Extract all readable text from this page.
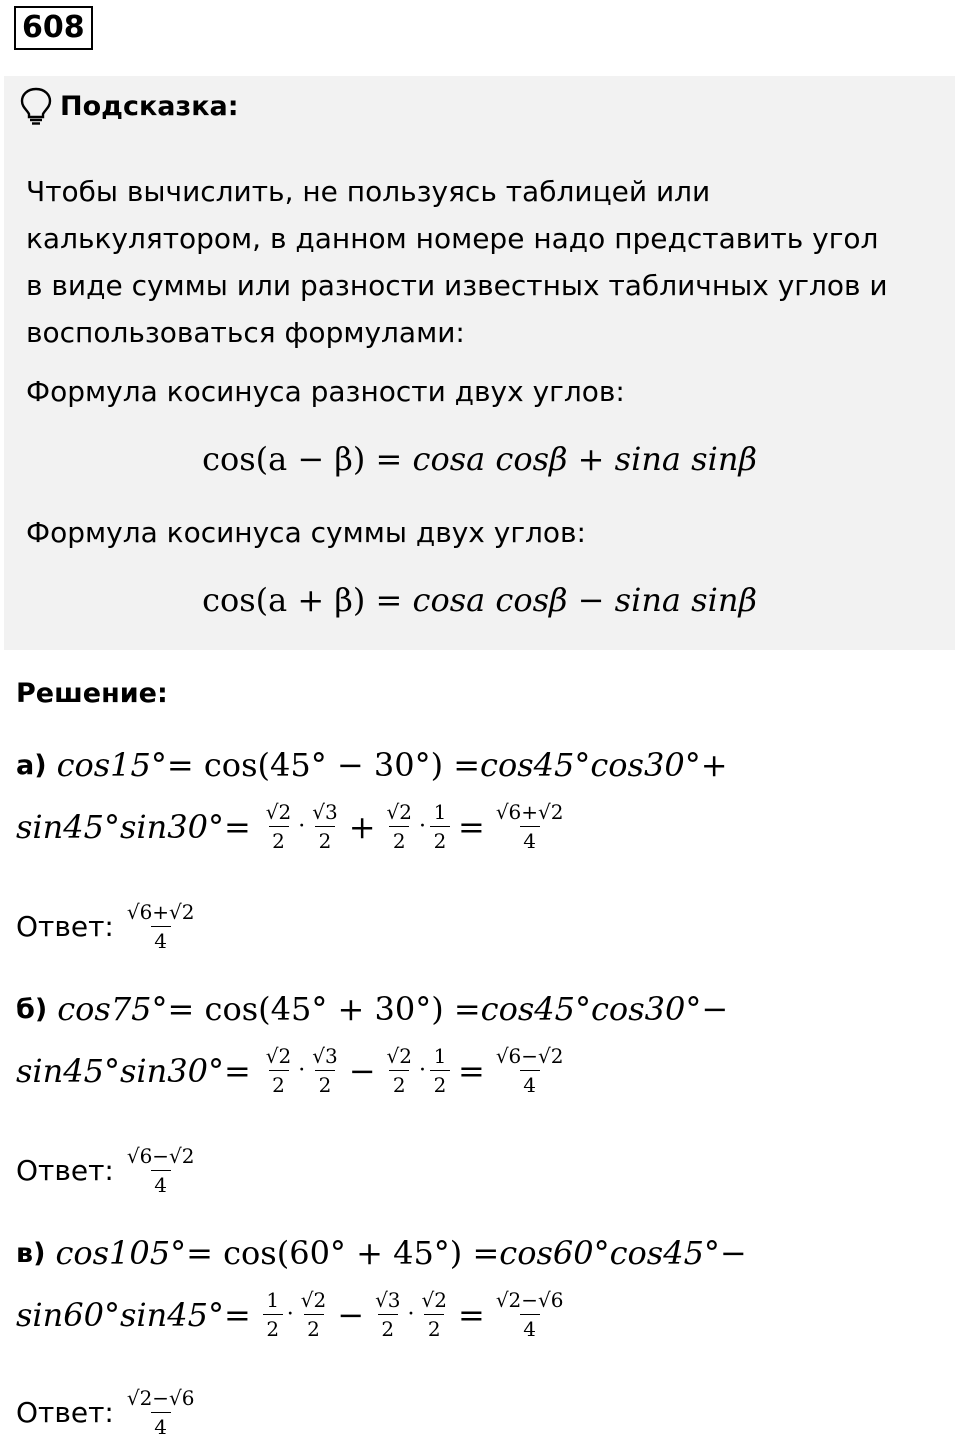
608
Подсказка:
Чтобы вычислить, не пользуясь таблицей или
калькулятором, в данном номере надо представить угол
в виде суммы или разности известных табличных углов и
воспользоваться формулами:
Формула косинуса разности двух углов:
cos(a − β) = cosa cosβ + sina sinβ
Формула косинуса суммы двух углов:
cos(a + β) = cosa cosβ − sina sinβ
Решение:
а) cos15° = cos(45° − 30°) = cos45°cos30° +
$\sin 45^\circ\sin 30^\circ = \frac{√2}{2} \cdot \frac{√3}{2} + \frac{√2}{2} \cdot \frac{1}{2} = \frac{√6+√2}{4}$
Ответ: $\frac{√6+√2}{4}$
б) cos75° = cos(45° + 30°) = cos45°cos30° −
$\sin 45^\circ\sin 30^\circ = \frac{√2}{2} \cdot \frac{√3}{2} - \frac{√2}{2} \cdot \frac{1}{2} = \frac{√6-√2}{4}$
Ответ: $\frac{√6-√2}{4}$
в) cos105° = cos(60° + 45°) = cos60°cos45° −
$\sin 60^\circ\sin 45^\circ = \frac{1}{2} \cdot \frac{√2}{2} - \frac{√3}{2} \cdot \frac{√2}{2} = \frac{√2-√6}{4}$
Ответ: $\frac{√2-√6}{4}$
